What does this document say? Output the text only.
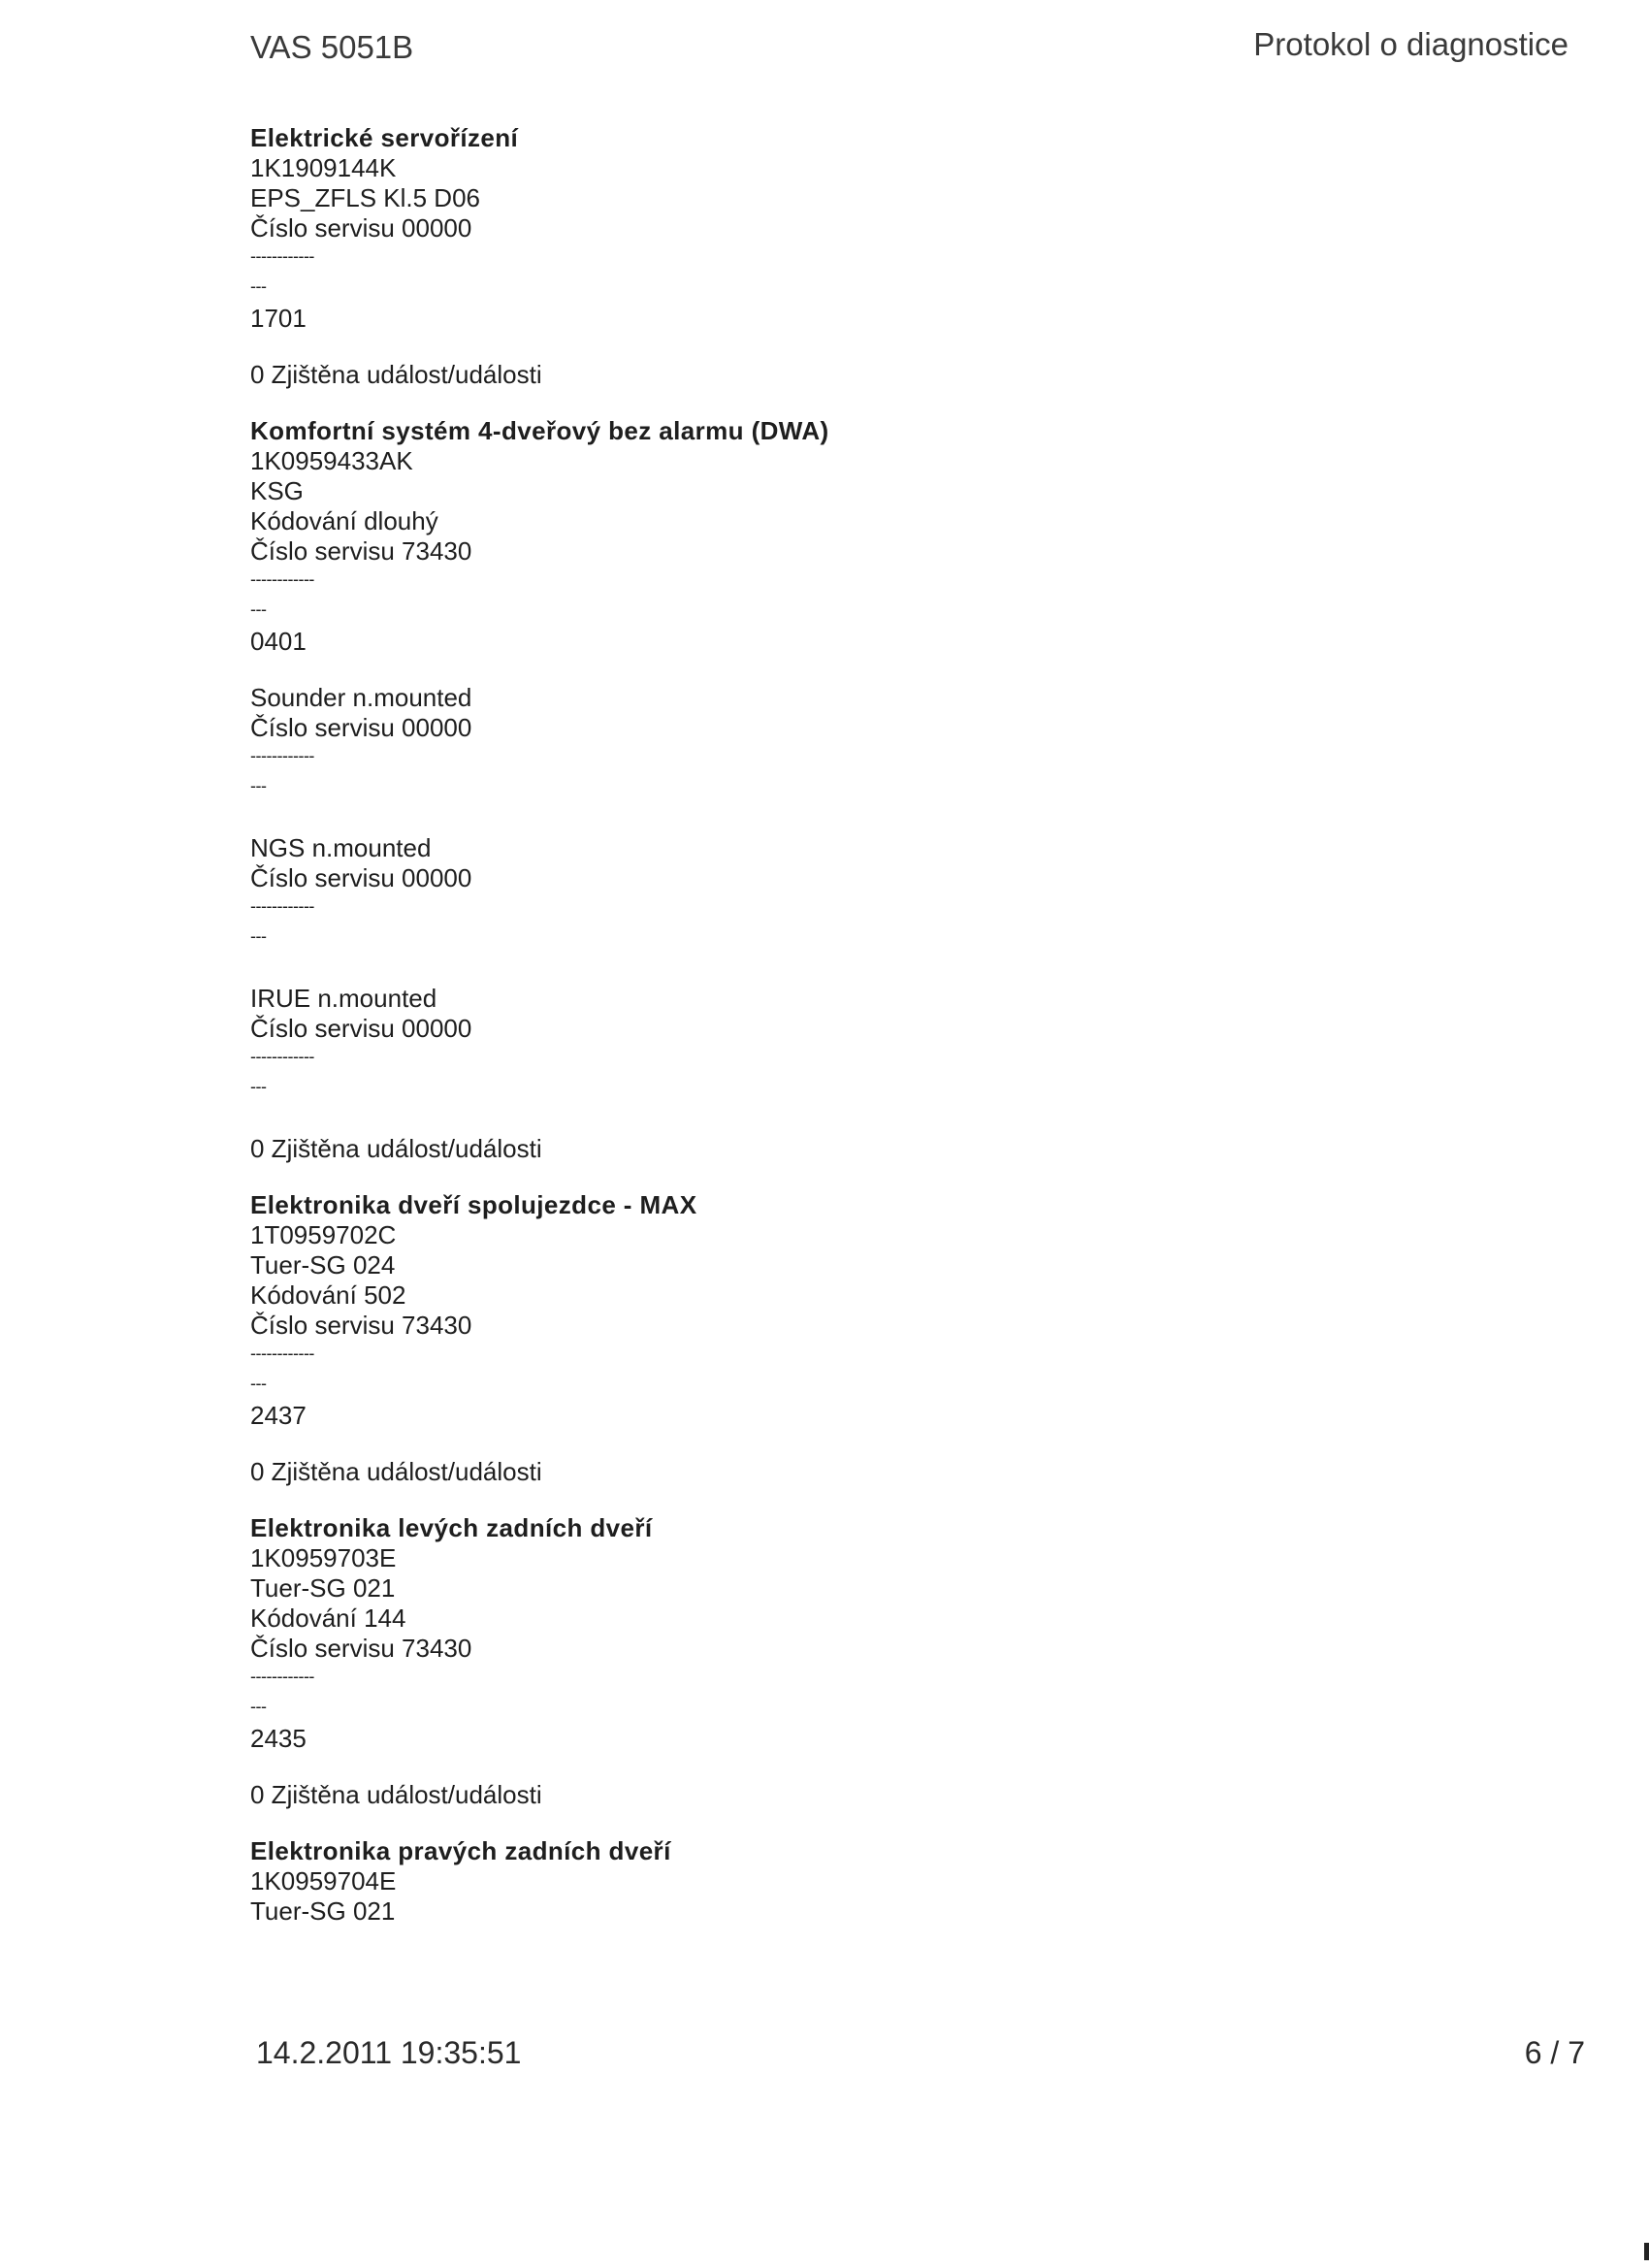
VAS 5051B	Protokol o diagnostice
Elektrické servořízení
1K1909144K
EPS_ZFLS Kl.5 D06
Číslo servisu 00000
------------
---
1701
0 Zjištěna událost/události
Komfortní systém 4-dveřový bez alarmu (DWA)
1K0959433AK
KSG
Kódování dlouhý
Číslo servisu 73430
------------
---
0401
Sounder n.mounted
Číslo servisu 00000
------------
---
NGS n.mounted
Číslo servisu 00000
------------
---
IRUE n.mounted
Číslo servisu 00000
------------
---
0 Zjištěna událost/události
Elektronika dveří spolujezdce - MAX
1T0959702C
Tuer-SG 024
Kódování 502
Číslo servisu 73430
------------
---
2437
0 Zjištěna událost/události
Elektronika levých zadních dveří
1K0959703E
Tuer-SG 021
Kódování 144
Číslo servisu 73430
------------
---
2435
0 Zjištěna událost/události
Elektronika pravých zadních dveří
1K0959704E
Tuer-SG 021
14.2.2011 19:35:51	6 / 7
